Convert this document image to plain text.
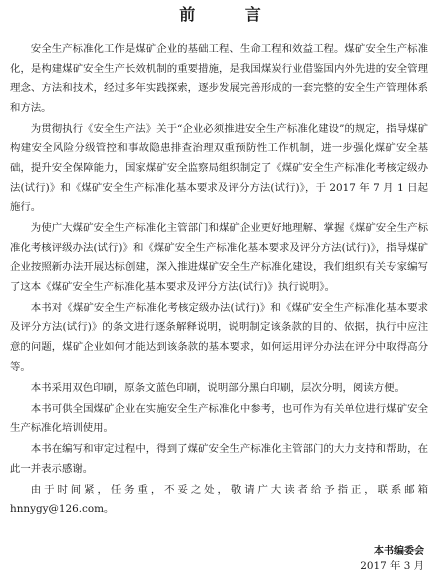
前 言

安全生产标准化工作是煤矿企业的基础工程、生命工程和效益工程。煤矿安全生产标准化，是构建煤矿安全生产长效机制的重要措施，是我国煤炭行业借鉴国内外先进的安全管理理念、方法和技术，经过多年实践探索，逐步发展完善形成的一套完整的安全生产管理体系和方法。

为贯彻执行《安全生产法》关于“企业必须推进安全生产标准化建设”的规定，指导煤矿构建安全风险分级管控和事故隐患排查治理双重预防性工作机制，进一步强化煤矿安全基础，提升安全保障能力，国家煤矿安全监察局组织制定了《煤矿安全生产标准化考核定级办法(试行)》和《煤矿安全生产标准化基本要求及评分方法(试行)》，于 2017 年 7 月 1 日起施行。

为使广大煤矿安全生产标准化主管部门和煤矿企业更好地理解、掌握《煤矿安全生产标准化考核评级办法(试行)》和《煤矿安全生产标准化基本要求及评分方法(试行)》，指导煤矿企业按照新办法开展达标创建，深入推进煤矿安全生产标准化建设，我们组织有关专家编写了这本《煤矿安全生产标准化基本要求及评分方法(试行)》执行说明》。

本书对《煤矿安全生产标准化考核定级办法(试行)》和《煤矿安全生产标准化基本要求及评分方法(试行)》的条文进行逐条解释说明，说明制定该条款的目的、依据，执行中应注意的问题，煤矿企业如何才能达到该条款的基本要求，如何运用评分办法在评分中取得高分等。

本书采用双色印刷，原条文蓝色印刷，说明部分黑白印刷，层次分明，阅读方便。

本书可供全国煤矿企业在实施安全生产标准化中参考，也可作为有关单位进行煤矿安全生产标准化培训使用。

本书在编写和审定过程中，得到了煤矿安全生产标准化主管部门的大力支持和帮助，在此一并表示感谢。

由于时间紧，任务重，不妥之处，敬请广大读者给予指正，联系邮箱 hnnygy@126.com。

本书编委会
2017 年 3 月
